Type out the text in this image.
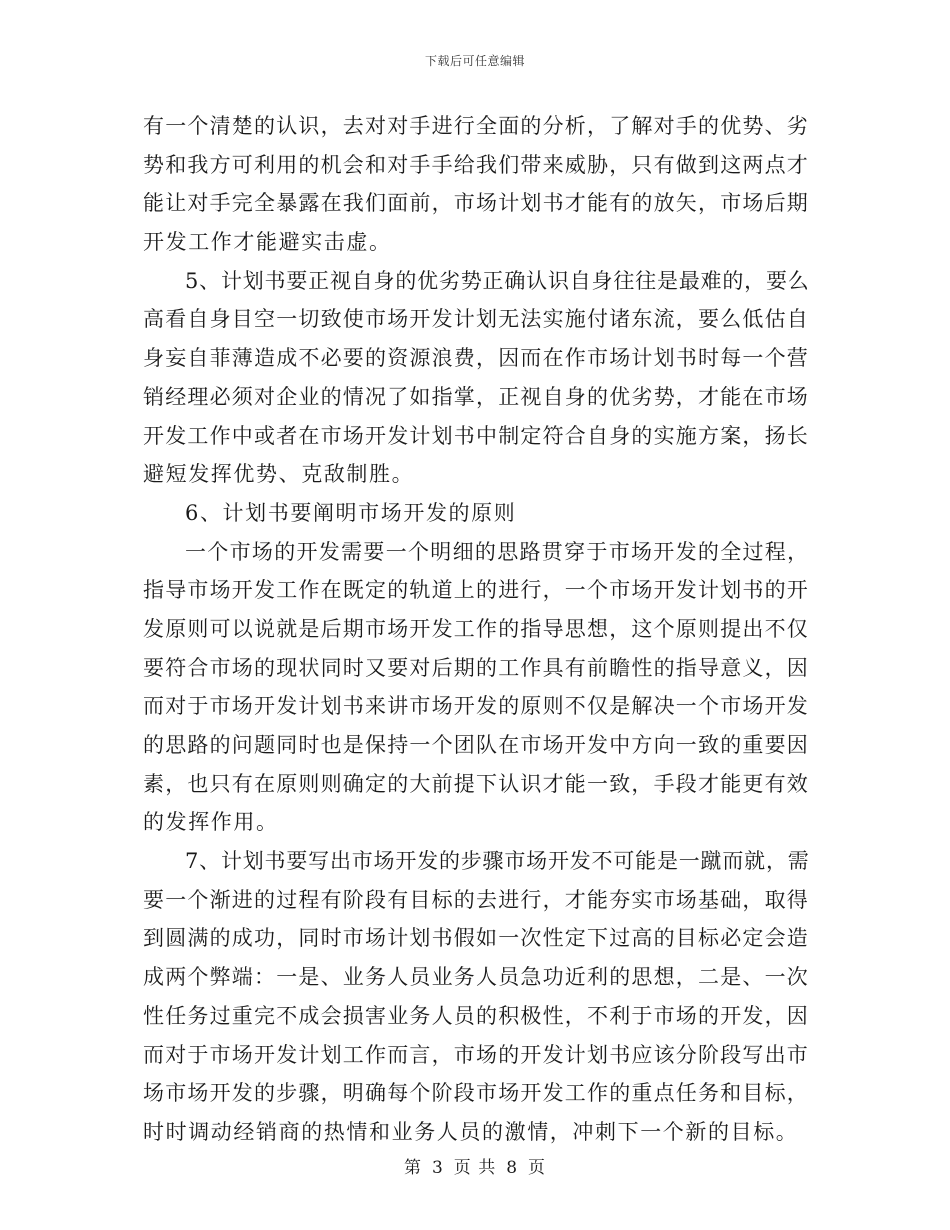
下载后可任意编辑
有一个清楚的认识，去对对手进行全面的分析，了解对手的优势、劣
势和我方可利用的机会和对手手给我们带来威胁，只有做到这两点才
能让对手完全暴露在我们面前，市场计划书才能有的放矢，市场后期
开发工作才能避实击虚。
5、计划书要正视自身的优劣势正确认识自身往往是最难的，要么
高看自身目空一切致使市场开发计划无法实施付诸东流，要么低估自
身妄自菲薄造成不必要的资源浪费，因而在作市场计划书时每一个营
销经理必须对企业的情况了如指掌，正视自身的优劣势，才能在市场
开发工作中或者在市场开发计划书中制定符合自身的实施方案，扬长
避短发挥优势、克敌制胜。
6、计划书要阐明市场开发的原则
一个市场的开发需要一个明细的思路贯穿于市场开发的全过程，
指导市场开发工作在既定的轨道上的进行，一个市场开发计划书的开
发原则可以说就是后期市场开发工作的指导思想，这个原则提出不仅
要符合市场的现状同时又要对后期的工作具有前瞻性的指导意义，因
而对于市场开发计划书来讲市场开发的原则不仅是解决一个市场开发
的思路的问题同时也是保持一个团队在市场开发中方向一致的重要因
素，也只有在原则则确定的大前提下认识才能一致，手段才能更有效
的发挥作用。
7、计划书要写出市场开发的步骤市场开发不可能是一蹴而就，需
要一个渐进的过程有阶段有目标的去进行，才能夯实市场基础，取得
到圆满的成功，同时市场计划书假如一次性定下过高的目标必定会造
成两个弊端：一是、业务人员业务人员急功近利的思想，二是、一次
性任务过重完不成会损害业务人员的积极性，不利于市场的开发，因
而对于市场开发计划工作而言，市场的开发计划书应该分阶段写出市
场市场开发的步骤，明确每个阶段市场开发工作的重点任务和目标，
时时调动经销商的热情和业务人员的激情，冲刺下一个新的目标。
第 3 页 共 8 页
